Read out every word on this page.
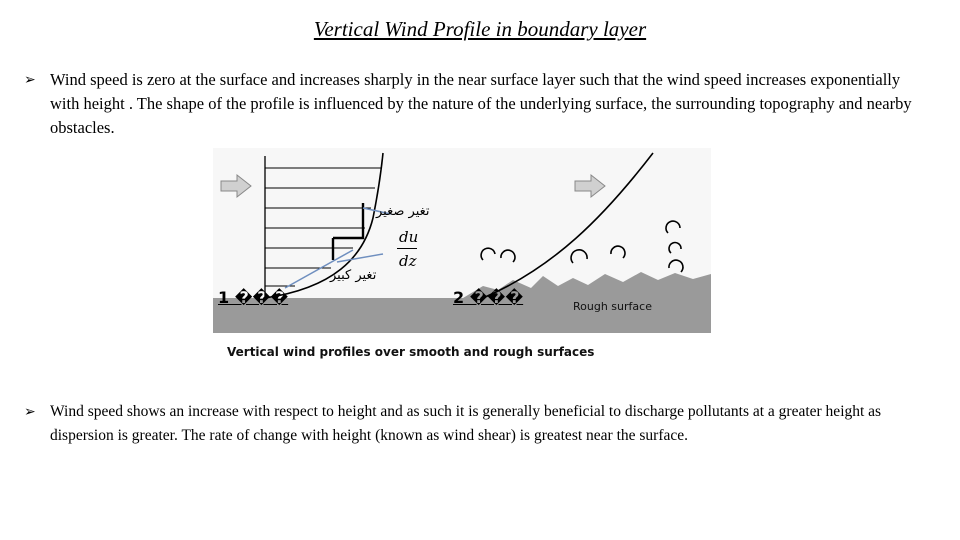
Vertical Wind Profile in boundary layer
➢ Wind speed is zero at the surface and increases sharply in the near surface layer such that the wind speed increases exponentially with height . The shape of the profile is influenced by the nature of the underlying surface, the surrounding topography and nearby obstacles.
تغير صغير
du
dz
تغير كبير
1 ���	2 ���	Rough surface
Vertical wind profiles over smooth and rough surfaces
➢ Wind speed shows an increase with respect to height and as such it is generally beneficial to discharge pollutants at a greater height as dispersion is greater. The rate of change with height (known as wind shear) is greatest near the surface.
